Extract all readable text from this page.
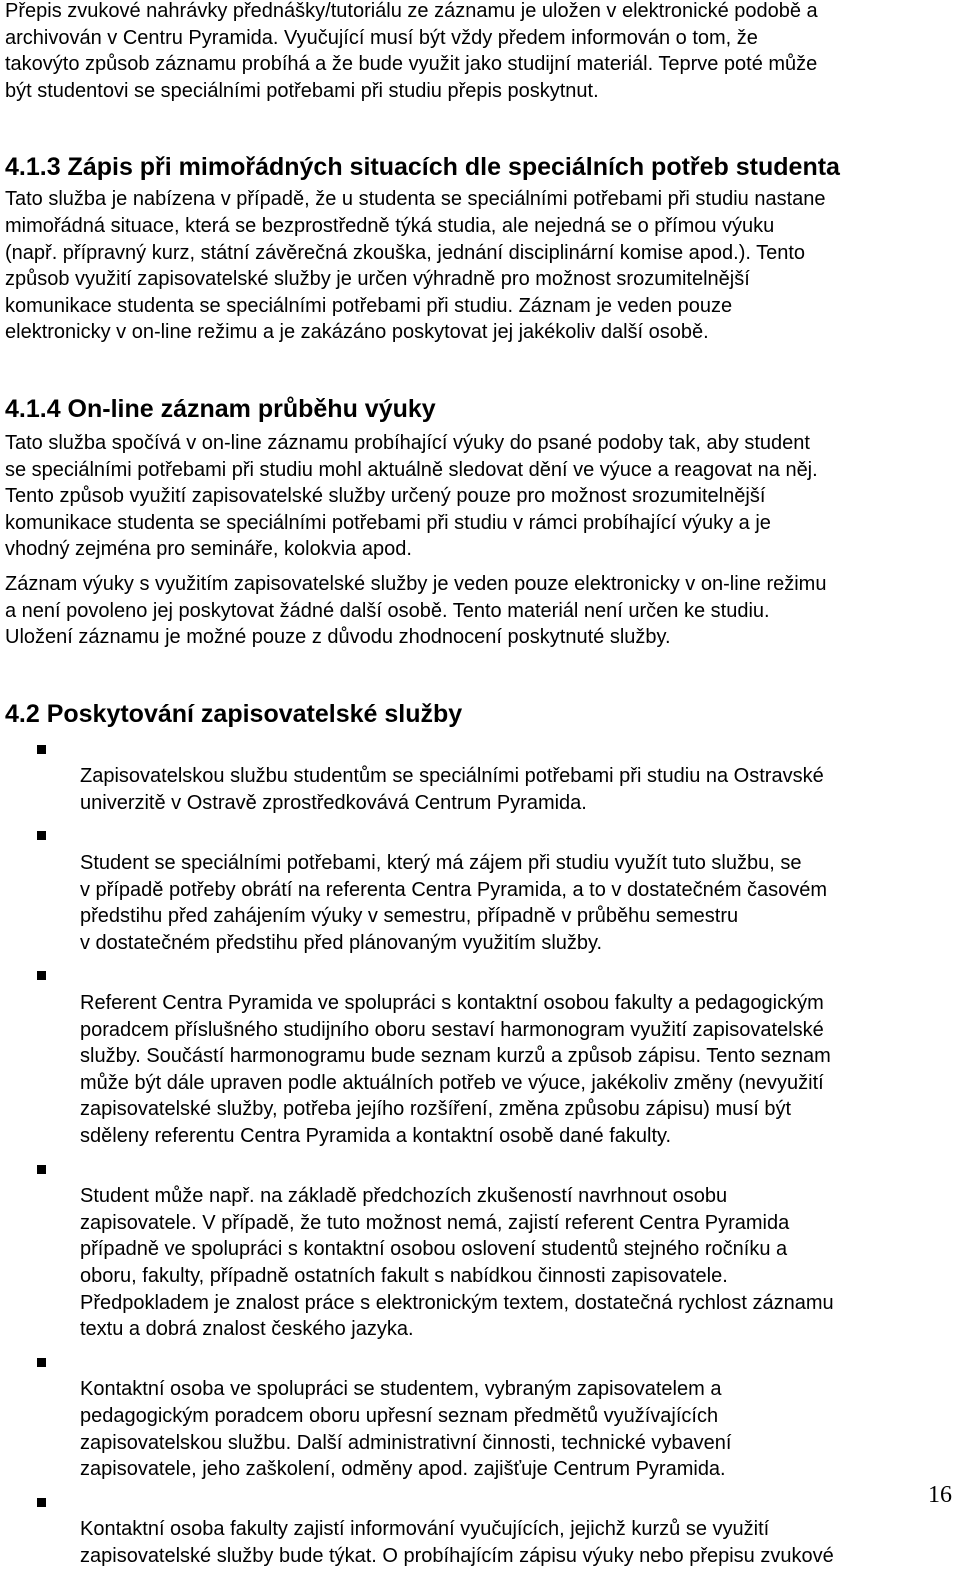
Přepis zvukové nahrávky přednášky/tutoriálu ze záznamu je uložen v elektronické podobě a
archivován v Centru Pyramida. Vyučující musí být vždy předem informován o tom, že
takovýto způsob záznamu probíhá a že bude využit jako studijní materiál. Teprve poté může
být studentovi se speciálními potřebami při studiu přepis poskytnut.

4.1.3 Zápis při mimořádných situacích dle speciálních potřeb studenta

Tato služba je nabízena v případě, že u studenta se speciálními potřebami při studiu nastane
mimořádná situace, která se bezprostředně týká studia, ale nejedná se o přímou výuku
(např. přípravný kurz, státní závěrečná zkouška, jednání disciplinární komise apod.). Tento
způsob využití zapisovatelské služby je určen výhradně pro možnost srozumitelnější
komunikace studenta se speciálními potřebami při studiu. Záznam je veden pouze
elektronicky v on-line režimu a je zakázáno poskytovat jej jakékoliv další osobě.

4.1.4 On-line záznam průběhu výuky

Tato služba spočívá v on-line záznamu probíhající výuky do psané podoby tak, aby student
se speciálními potřebami při studiu mohl aktuálně sledovat dění ve výuce a reagovat na něj.
Tento způsob využití zapisovatelské služby určený pouze pro možnost srozumitelnější
komunikace studenta se speciálními potřebami při studiu v rámci probíhající výuky a je
vhodný zejména pro semináře, kolokvia apod.

Záznam výuky s využitím zapisovatelské služby je veden pouze elektronicky v on-line režimu
a není povoleno jej poskytovat žádné další osobě. Tento materiál není určen ke studiu.
Uložení záznamu je možné pouze z důvodu zhodnocení poskytnuté služby.

4.2 Poskytování zapisovatelské služby

Zapisovatelskou službu studentům se speciálními potřebami při studiu na Ostravské
univerzitě v Ostravě zprostředkovává Centrum Pyramida.

Student se speciálními potřebami, který má zájem při studiu využít tuto službu, se
v případě potřeby obrátí na referenta Centra Pyramida, a to v dostatečném časovém
předstihu před zahájením výuky v semestru, případně v průběhu semestru
v dostatečném předstihu před plánovaným využitím služby.

Referent Centra Pyramida ve spolupráci s kontaktní osobou fakulty a pedagogickým
poradcem příslušného studijního oboru sestaví harmonogram využití zapisovatelské
služby. Součástí harmonogramu bude seznam kurzů a způsob zápisu. Tento seznam
může být dále upraven podle aktuálních potřeb ve výuce, jakékoliv změny (nevyužití
zapisovatelské služby, potřeba jejího rozšíření, změna způsobu zápisu) musí být
sděleny referentu Centra Pyramida a kontaktní osobě dané fakulty.

Student může např. na základě předchozích zkušeností navrhnout osobu
zapisovatele. V případě, že tuto možnost nemá, zajistí referent Centra Pyramida
případně ve spolupráci s kontaktní osobou oslovení studentů stejného ročníku a
oboru, fakulty, případně ostatních fakult s nabídkou činnosti zapisovatele.
Předpokladem je znalost práce s elektronickým textem, dostatečná rychlost záznamu
textu a dobrá znalost českého jazyka.

Kontaktní osoba ve spolupráci se studentem, vybraným zapisovatelem a
pedagogickým poradcem oboru upřesní seznam předmětů využívajících
zapisovatelskou službu. Další administrativní činnosti, technické vybavení
zapisovatele, jeho zaškolení, odměny apod. zajišťuje Centrum Pyramida.

Kontaktní osoba fakulty zajistí informování vyučujících, jejichž kurzů se využití
zapisovatelské služby bude týkat. O probíhajícím zápisu výuky nebo přepisu zvukové

16
